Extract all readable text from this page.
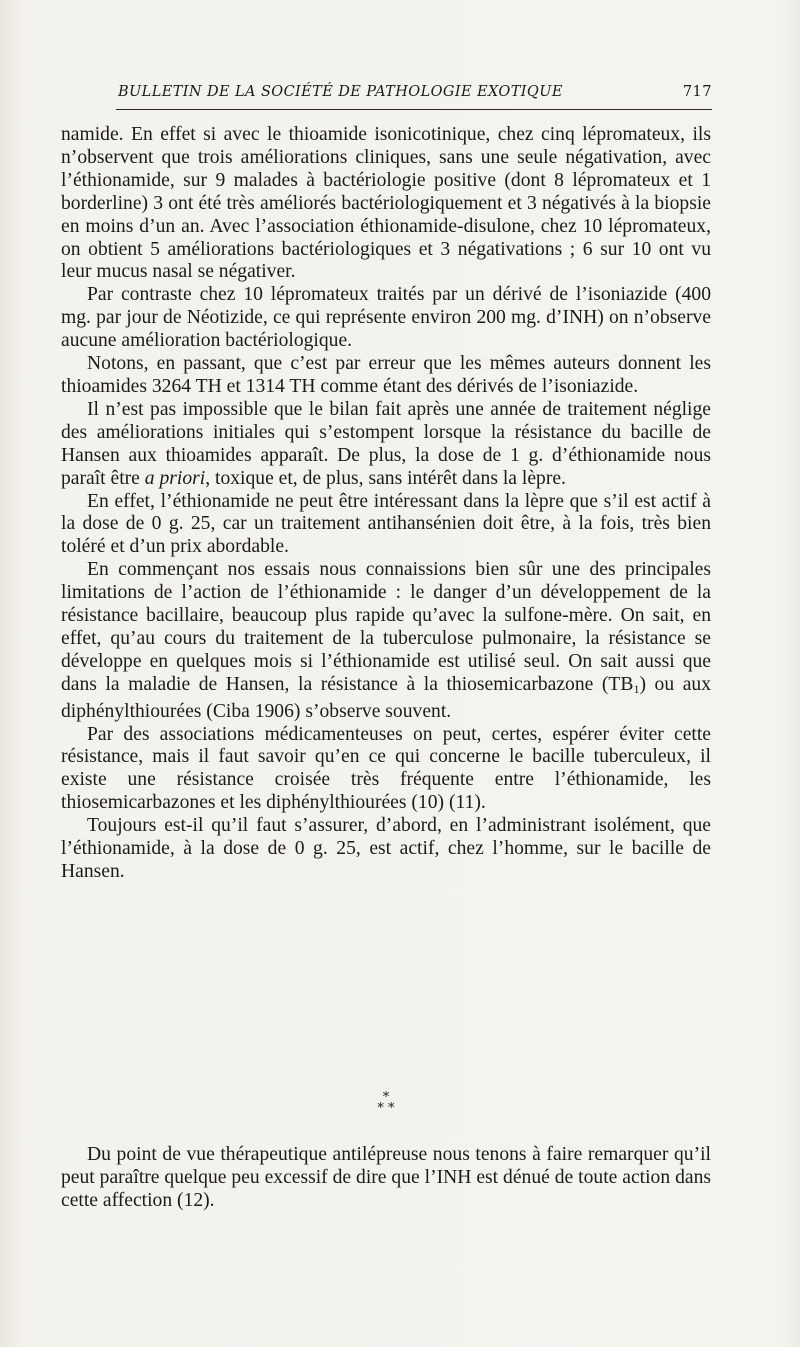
BULLETIN DE LA SOCIÉTÉ DE PATHOLOGIE EXOTIQUE	717

namide. En effet si avec le thioamide isonicotinique, chez cinq lépromateux, ils n’observent que trois améliorations cliniques, sans une seule négativation, avec l’éthionamide, sur 9 malades à bactériologie positive (dont 8 lépromateux et 1 borderline) 3 ont été très améliorés bactériologiquement et 3 négativés à la biopsie en moins d’un an. Avec l’association éthionamide-disulone, chez 10 lépromateux, on obtient 5 améliorations bactériologiques et 3 négativations ; 6 sur 10 ont vu leur mucus nasal se négativer.

Par contraste chez 10 lépromateux traités par un dérivé de l’isoniazide (400 mg. par jour de Néotizide, ce qui représente environ 200 mg. d’INH) on n’observe aucune amélioration bactériologique.

Notons, en passant, que c’est par erreur que les mêmes auteurs donnent les thioamides 3264 TH et 1314 TH comme étant des dérivés de l’isoniazide.

Il n’est pas impossible que le bilan fait après une année de traitement néglige des améliorations initiales qui s’estompent lorsque la résistance du bacille de Hansen aux thioamides apparaît. De plus, la dose de 1 g. d’éthionamide nous paraît être a priori, toxique et, de plus, sans intérêt dans la lèpre.

En effet, l’éthionamide ne peut être intéressant dans la lèpre que s’il est actif à la dose de 0 g. 25, car un traitement antihansénien doit être, à la fois, très bien toléré et d’un prix abordable.

En commençant nos essais nous connaissions bien sûr une des principales limitations de l’action de l’éthionamide : le danger d’un développement de la résistance bacillaire, beaucoup plus rapide qu’avec la sulfone-mère. On sait, en effet, qu’au cours du traitement de la tuberculose pulmonaire, la résistance se développe en quelques mois si l’éthionamide est utilisé seul. On sait aussi que dans la maladie de Hansen, la résistance à la thiosemicarbazone $(TB_1)$ ou aux diphénylthiourées (Ciba 1906) s’observe souvent.

Par des associations médicamenteuses on peut, certes, espérer éviter cette résistance, mais il faut savoir qu’en ce qui concerne le bacille tuberculeux, il existe une résistance croisée très fréquente entre l’éthionamide, les thiosemicarbazones et les diphénylthiourées (10) (11).

Toujours est-il qu’il faut s’assurer, d’abord, en l’administrant isolément, que l’éthionamide, à la dose de 0 g. 25, est actif, chez l’homme, sur le bacille de Hansen.

*
* *

Du point de vue thérapeutique antilépreuse nous tenons à faire remarquer qu’il peut paraître quelque peu excessif de dire que l’INH est dénué de toute action dans cette affection (12).
